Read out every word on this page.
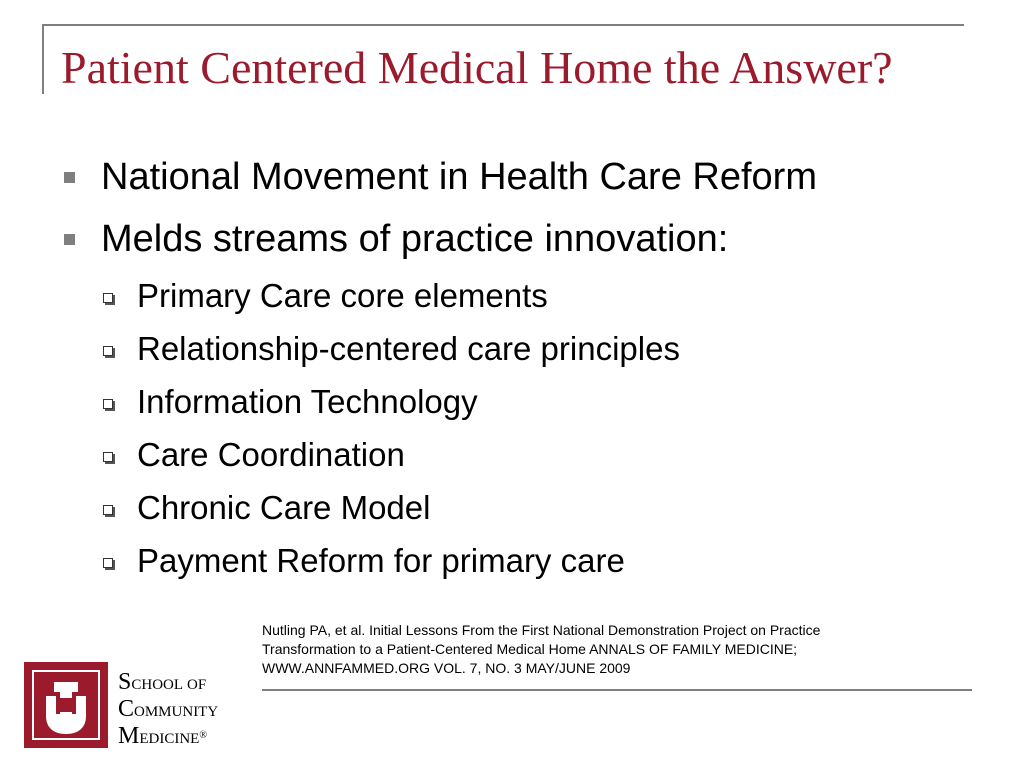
Patient Centered Medical Home the Answer?
National Movement in Health Care Reform
Melds streams of practice innovation:
Primary Care core elements
Relationship-centered care principles
Information Technology
Care Coordination
Chronic Care Model
Payment Reform for primary care
Nutling PA, et al. Initial Lessons From the First National Demonstration Project on Practice
Transformation to a Patient-Centered Medical Home ANNALS OF FAMILY MEDICINE;
WWW.ANNFAMMED.ORG VOL. 7, NO. 3 MAY/JUNE 2009
SCHOOL OF
COMMUNITY
MEDICINE®
